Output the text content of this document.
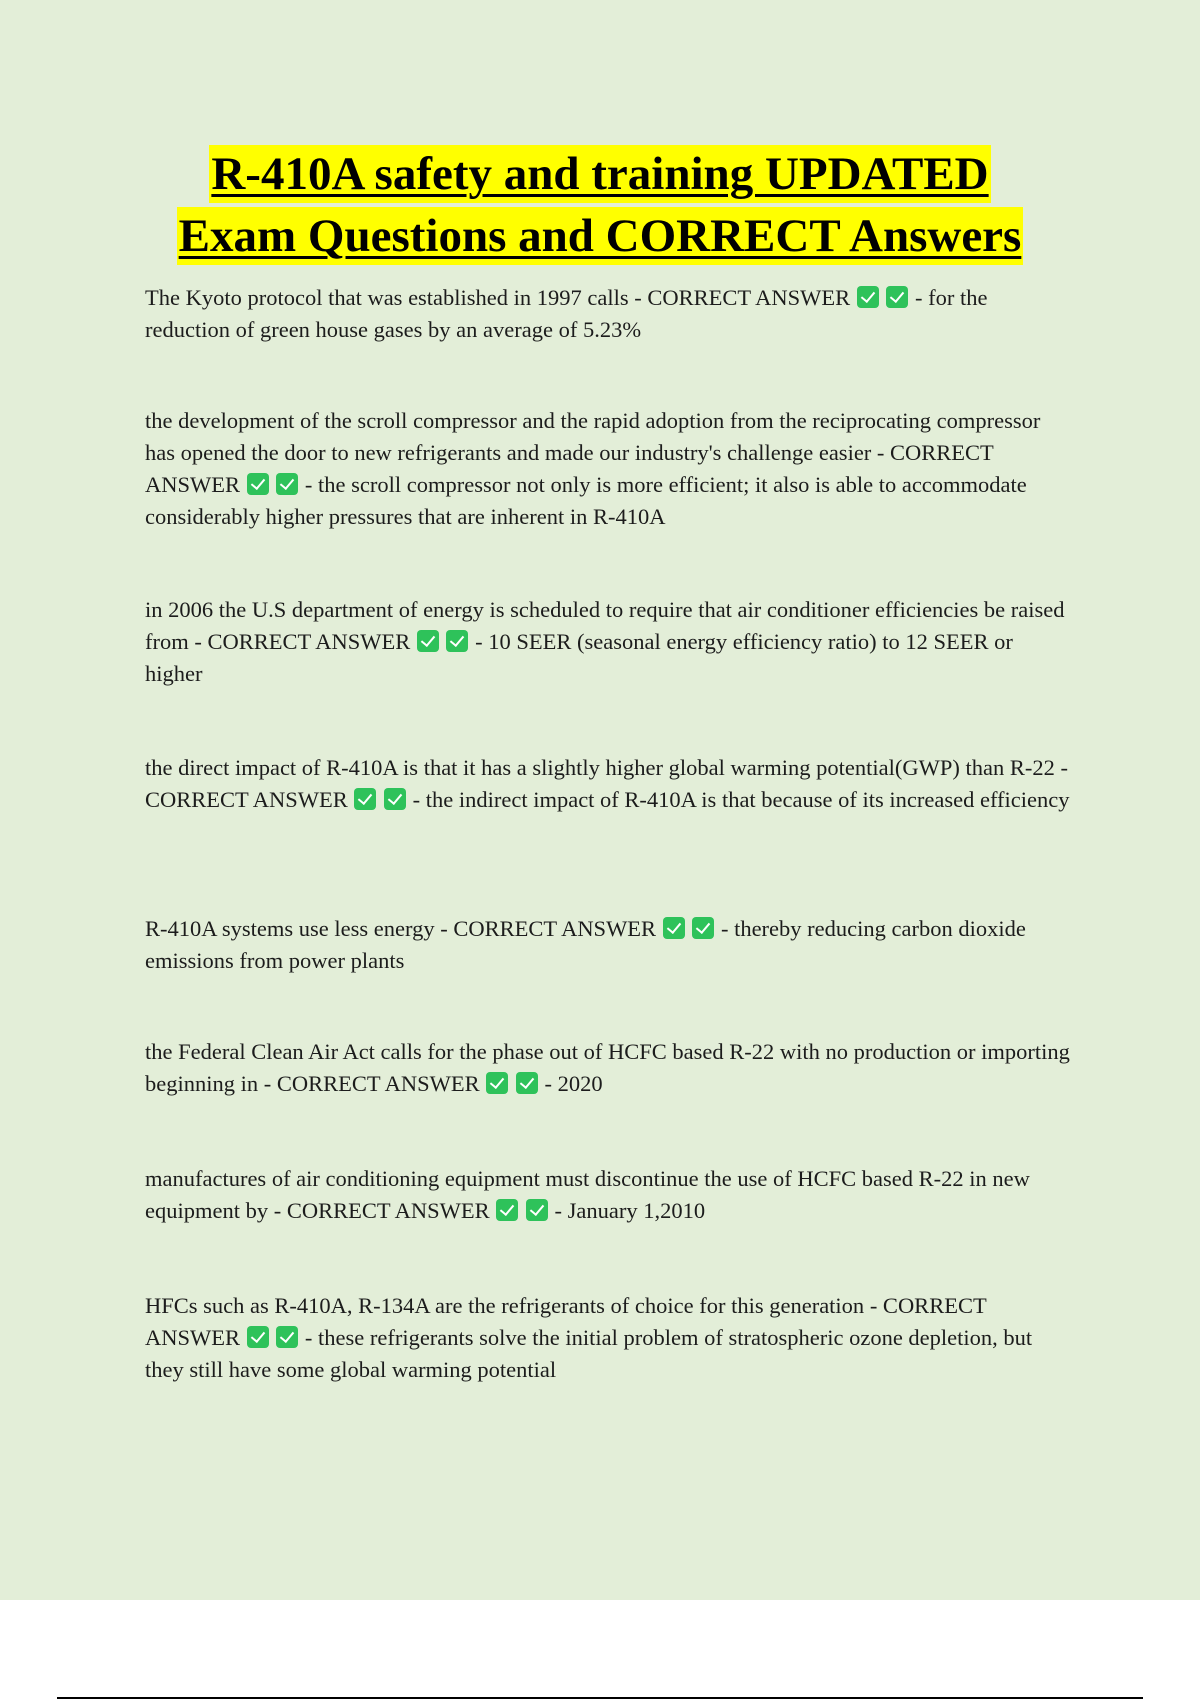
R-410A safety and training UPDATED
Exam Questions and CORRECT Answers

The Kyoto protocol that was established in 1997 calls - CORRECT ANSWER	- for the reduction of green house gases by an average of 5.23%

the development of the scroll compressor and the rapid adoption from the reciprocating compressor has opened the door to new refrigerants and made our industry's challenge easier - CORRECT ANSWER	- the scroll compressor not only is more efficient; it also is able to accommodate considerably higher pressures that are inherent in R-410A

in 2006 the U.S department of energy is scheduled to require that air conditioner efficiencies be raised from - CORRECT ANSWER	- 10 SEER (seasonal energy efficiency ratio) to 12 SEER or higher

the direct impact of R-410A is that it has a slightly higher global warming potential(GWP) than R-22 - CORRECT ANSWER	- the indirect impact of R-410A is that because of its increased efficiency

R-410A systems use less energy - CORRECT ANSWER	- thereby reducing carbon dioxide emissions from power plants

the Federal Clean Air Act calls for the phase out of HCFC based R-22 with no production or importing beginning in - CORRECT ANSWER	- 2020

manufactures of air conditioning equipment must discontinue the use of HCFC based R-22 in new equipment by - CORRECT ANSWER	- January 1,2010

HFCs such as R-410A, R-134A are the refrigerants of choice for this generation - CORRECT ANSWER	- these refrigerants solve the initial problem of stratospheric ozone depletion, but they still have some global warming potential
